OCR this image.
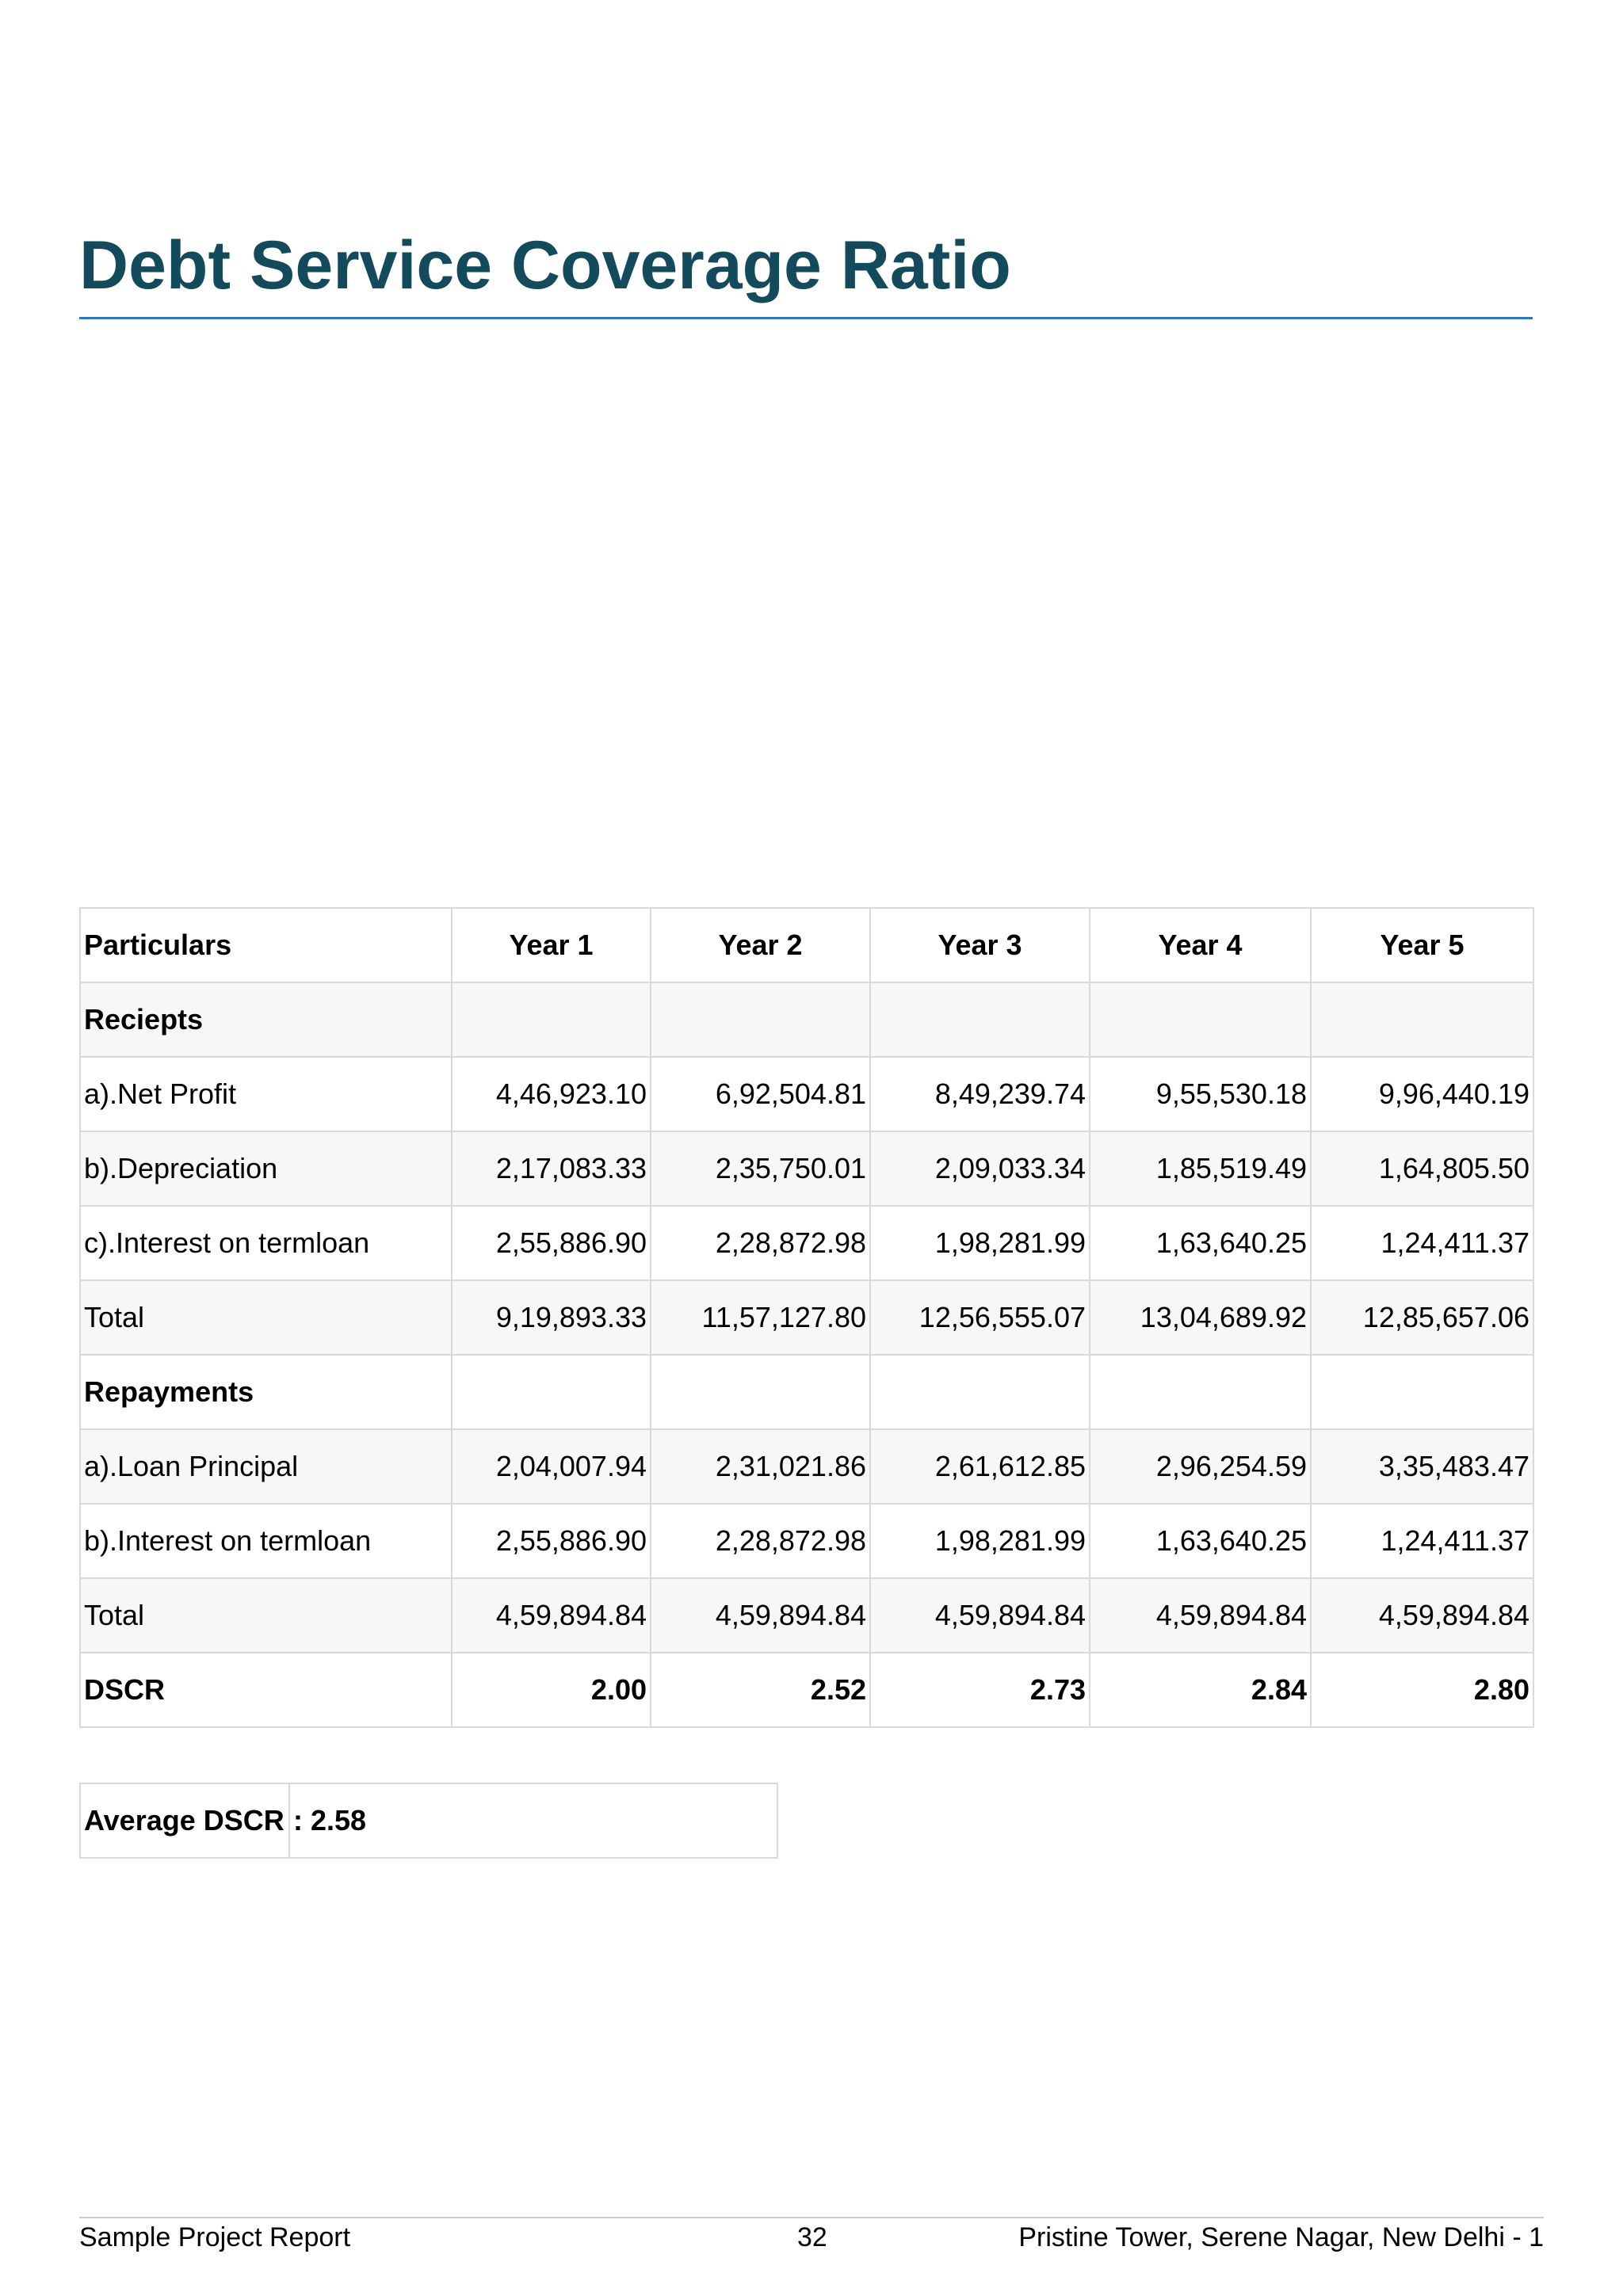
Debt Service Coverage Ratio
Particulars	Year 1	Year 2	Year 3	Year 4	Year 5
Reciepts					
a).Net Profit	4,46,923.10	6,92,504.81	8,49,239.74	9,55,530.18	9,96,440.19
b).Depreciation	2,17,083.33	2,35,750.01	2,09,033.34	1,85,519.49	1,64,805.50
c).Interest on termloan	2,55,886.90	2,28,872.98	1,98,281.99	1,63,640.25	1,24,411.37
Total	9,19,893.33	11,57,127.80	12,56,555.07	13,04,689.92	12,85,657.06
Repayments					
a).Loan Principal	2,04,007.94	2,31,021.86	2,61,612.85	2,96,254.59	3,35,483.47
b).Interest on termloan	2,55,886.90	2,28,872.98	1,98,281.99	1,63,640.25	1,24,411.37
Total	4,59,894.84	4,59,894.84	4,59,894.84	4,59,894.84	4,59,894.84
DSCR	2.00	2.52	2.73	2.84	2.80
Average DSCR	: 2.58
Sample Project Report	32	Pristine Tower, Serene Nagar, New Delhi - 1
